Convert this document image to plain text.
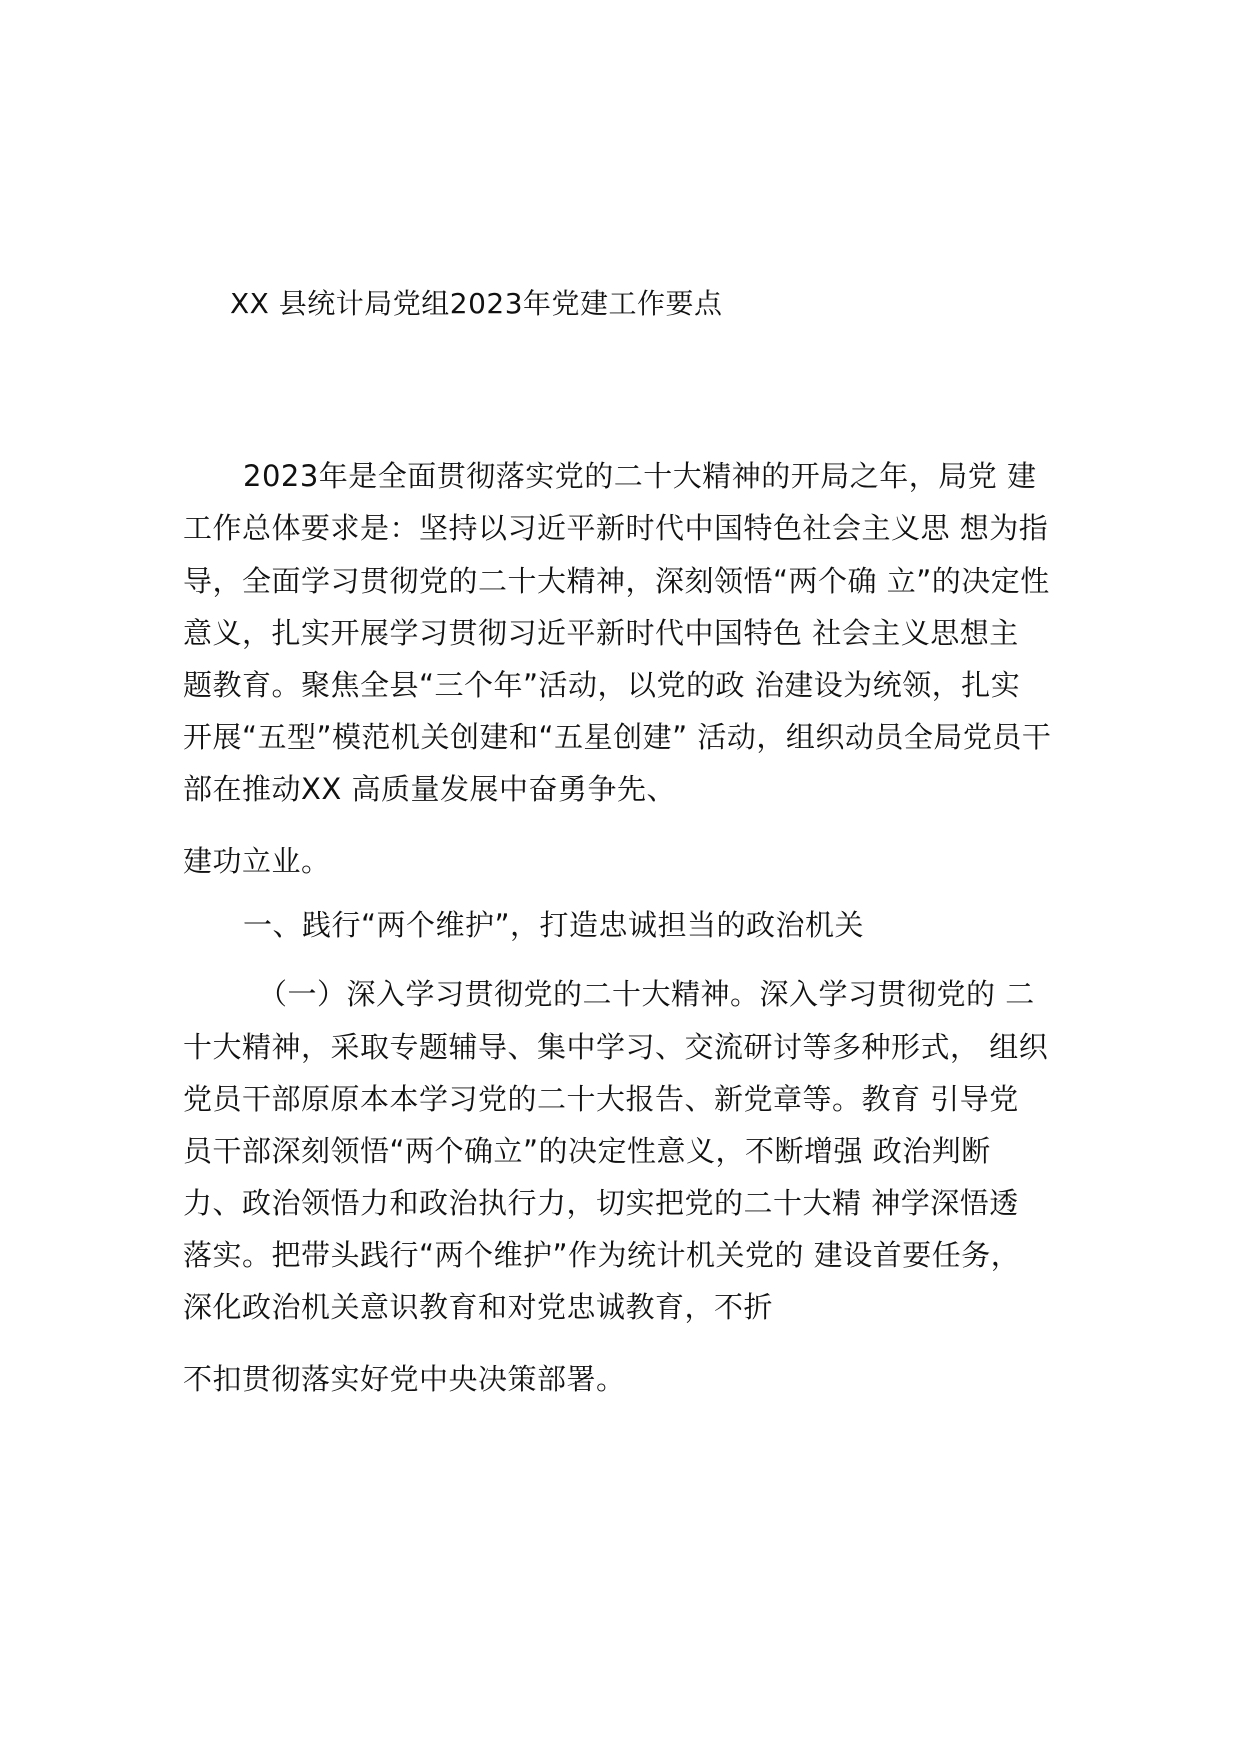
XX 县统计局党组2023年党建工作要点
2023年是全面贯彻落实党的二十大精神的开局之年，局党 建
工作总体要求是：坚持以习近平新时代中国特色社会主义思 想为指
导，全面学习贯彻党的二十大精神，深刻领悟“两个确 立”的决定性
意义，扎实开展学习贯彻习近平新时代中国特色 社会主义思想主
题教育。聚焦全县“三个年”活动，以党的政 治建设为统领，扎实
开展“五型”模范机关创建和“五星创建” 活动，组织动员全局党员干
部在推动XX 高质量发展中奋勇争先、
建功立业。
一、践行“两个维护”，打造忠诚担当的政治机关
（一）深入学习贯彻党的二十大精神。深入学习贯彻党的 二
十大精神，采取专题辅导、集中学习、交流研讨等多种形式， 组织
党员干部原原本本学习党的二十大报告、新党章等。教育 引导党
员干部深刻领悟“两个确立”的决定性意义，不断增强 政治判断
力、政治领悟力和政治执行力，切实把党的二十大精 神学深悟透
落实。把带头践行“两个维护”作为统计机关党的 建设首要任务，
深化政治机关意识教育和对党忠诚教育，不折
不扣贯彻落实好党中央决策部署。
